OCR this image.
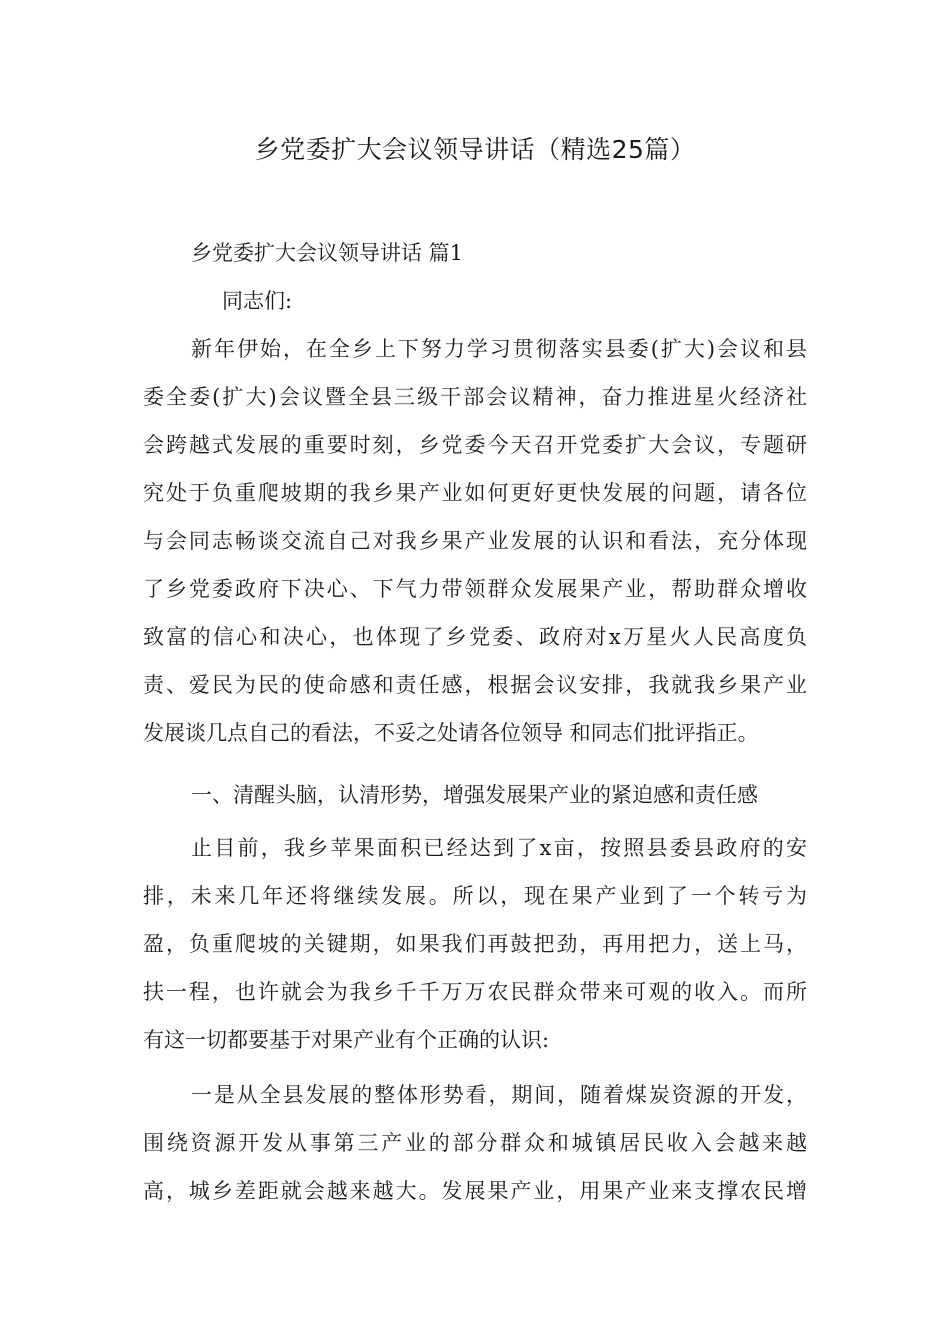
乡党委扩大会议领导讲话（精选25篇）
乡党委扩大会议领导讲话 篇1
同志们:
新年伊始，在全乡上下努力学习贯彻落实县委(扩大)会议和县
委全委(扩大)会议暨全县三级干部会议精神，奋力推进星火经济社
会跨越式发展的重要时刻，乡党委今天召开党委扩大会议，专题研
究处于负重爬坡期的我乡果产业如何更好更快发展的问题，请各位
与会同志畅谈交流自己对我乡果产业发展的认识和看法，充分体现
了乡党委政府下决心、下气力带领群众发展果产业，帮助群众增收
致富的信心和决心，也体现了乡党委、政府对x万星火人民高度负
责、爱民为民的使命感和责任感，根据会议安排，我就我乡果产业
发展谈几点自己的看法，不妥之处请各位领导 和同志们批评指正。
一、清醒头脑，认清形势，增强发展果产业的紧迫感和责任感
止目前，我乡苹果面积已经达到了x亩，按照县委县政府的安
排，未来几年还将继续发展。所以，现在果产业到了一个转亏为
盈，负重爬坡的关键期，如果我们再鼓把劲，再用把力，送上马，
扶一程，也许就会为我乡千千万万农民群众带来可观的收入。而所
有这一切都要基于对果产业有个正确的认识:
一是从全县发展的整体形势看，期间，随着煤炭资源的开发，
围绕资源开发从事第三产业的部分群众和城镇居民收入会越来越
高，城乡差距就会越来越大。发展果产业，用果产业来支撑农民增
